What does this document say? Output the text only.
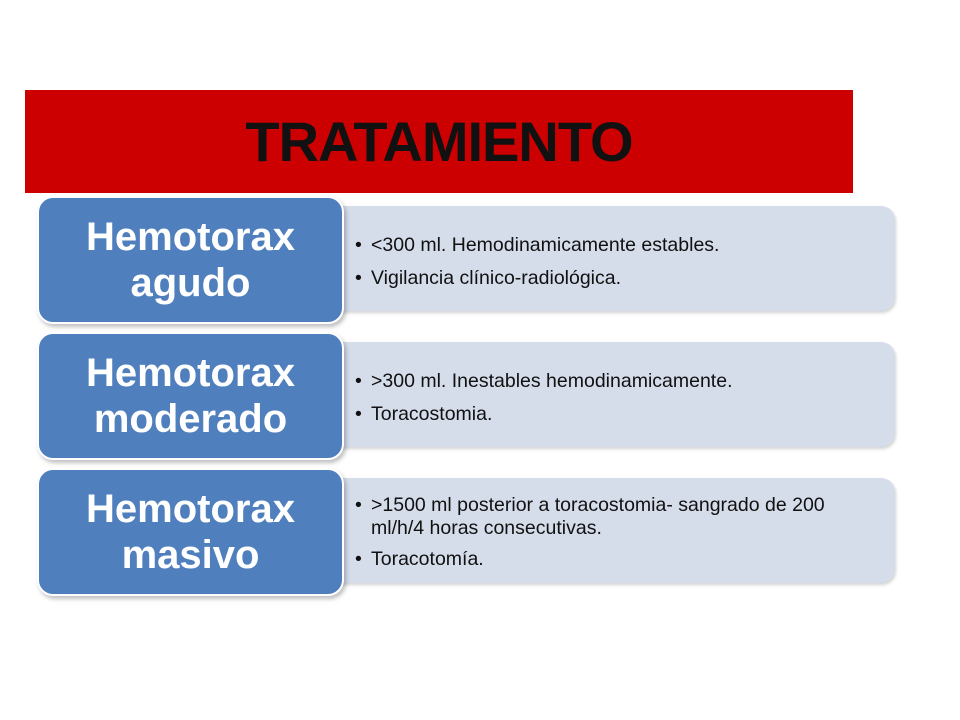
TRATAMIENTO
• <300 ml. Hemodinamicamente estables.
• Vigilancia clínico-radiológica.
Hemotorax
agudo
• >300 ml. Inestables hemodinamicamente.
• Toracostomia.
Hemotorax
moderado
• >1500 ml posterior a toracostomia- sangrado de 200 ml/h/4 horas consecutivas.
• Toracotomía.
Hemotorax
masivo
